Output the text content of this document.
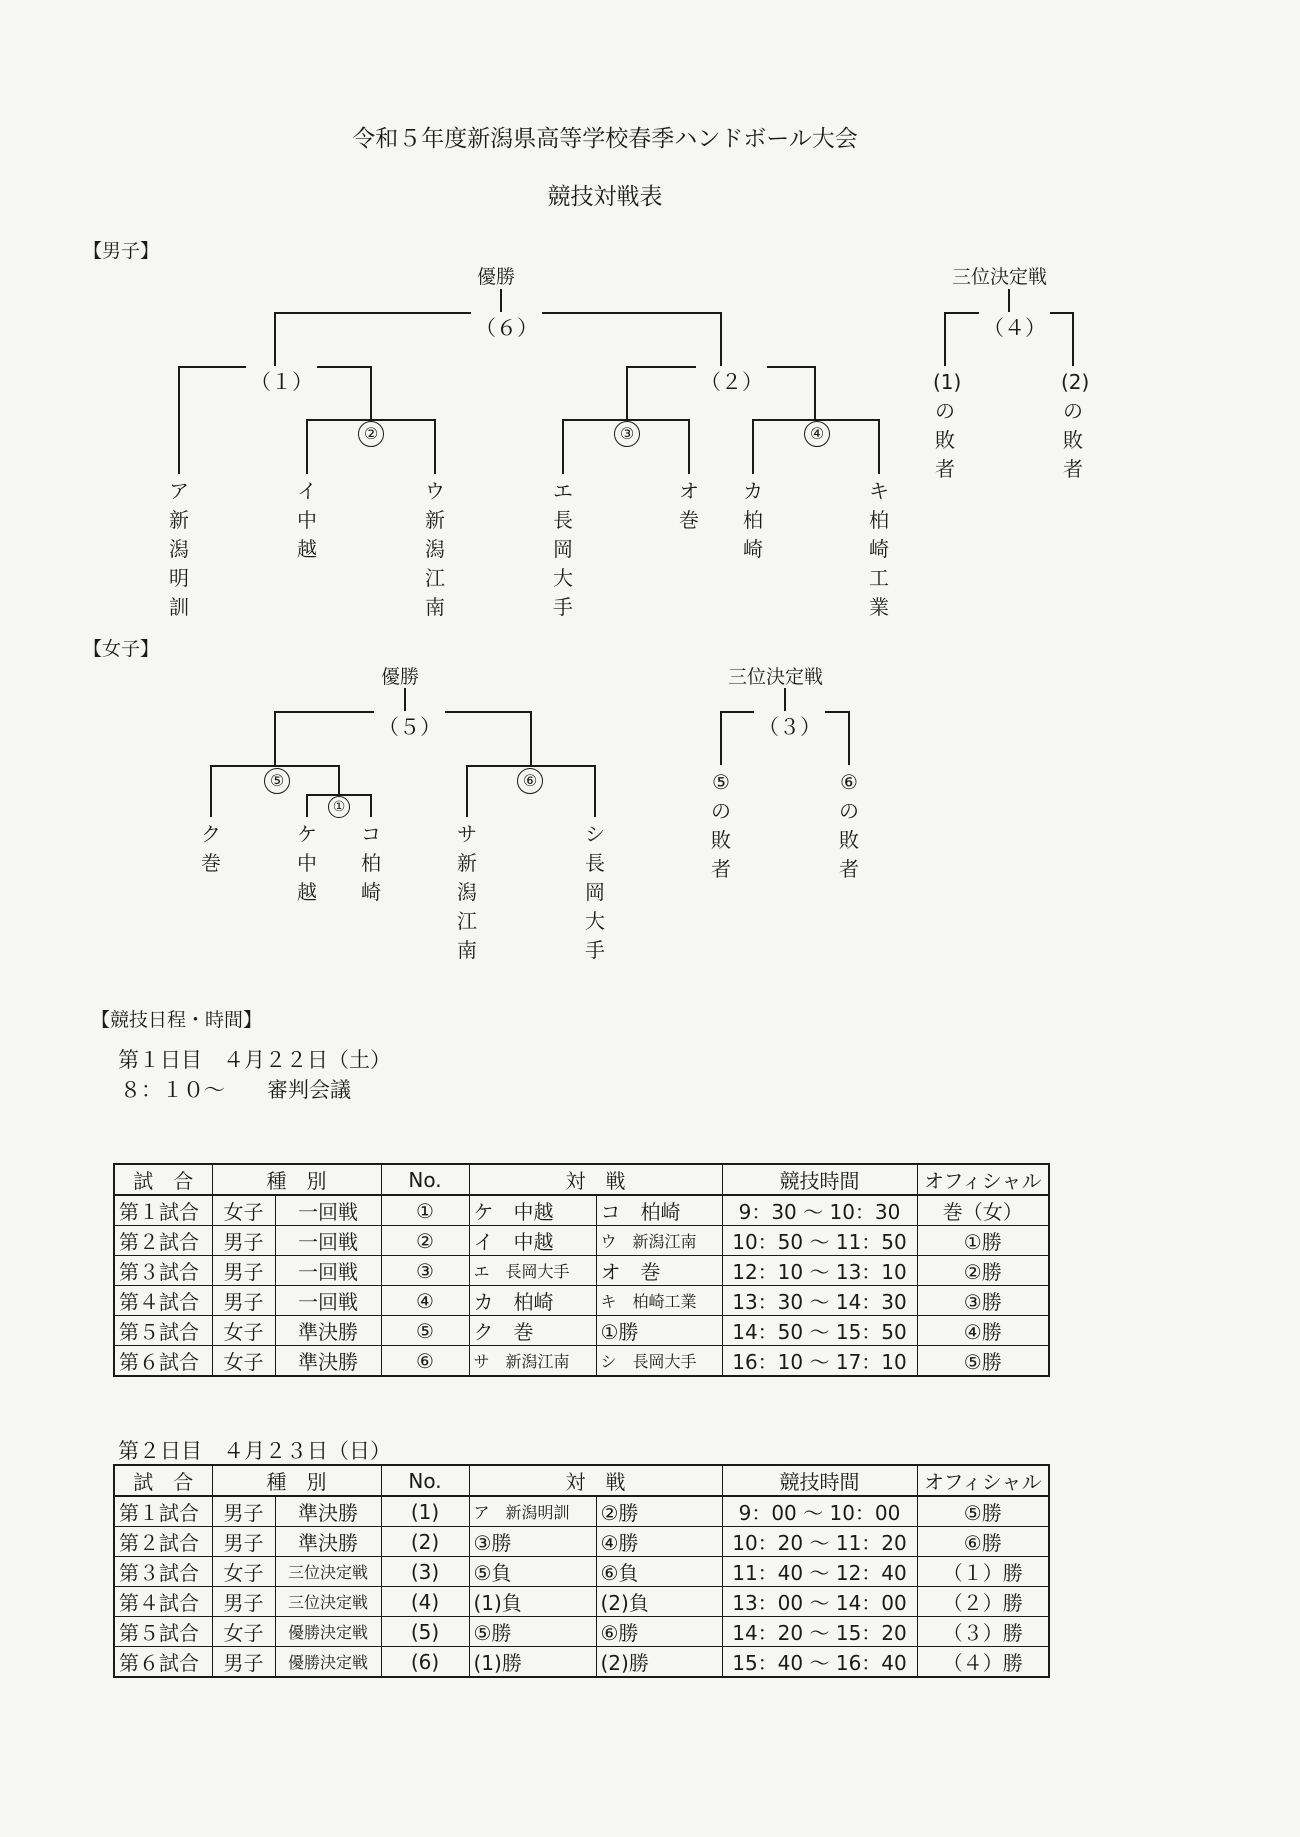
令和５年度新潟県高等学校春季ハンドボール大会
競技対戦表
【男子】
優勝	三位決定戦
（６）
（１）
②
（２）
③	④
（４）
ア
新潟明訓
イ
中越
ウ
新潟江南
エ
長岡大手
オ
巻
カ
柏崎
キ
柏崎工業
(1)の敗者
(2)の敗者
【女子】
優勝	三位決定戦
（５）
⑤
①
⑥
（３）
ク
巻
ケ
中越
コ
柏崎
サ
新潟江南
シ
長岡大手
⑤の敗者
⑥の敗者
【競技日程・時間】
第１日目　４月２２日（土）
８：１０～　　審判会議
試　合	種　別		No.	対　戦		競技時間	オフィシャル
第１試合	女子	一回戦	①	ケ　中越	コ　柏崎	9：30 ～ 10：30	巻（女）
第２試合	男子	一回戦	②	イ　中越	ウ　新潟江南	10：50 ～ 11：50	①勝
第３試合	男子	一回戦	③	エ　長岡大手	オ　巻	12：10 ～ 13：10	②勝
第４試合	男子	一回戦	④	カ　柏崎	キ　柏崎工業	13：30 ～ 14：30	③勝
第５試合	女子	準決勝	⑤	ク　巻	①勝	14：50 ～ 15：50	④勝
第６試合	女子	準決勝	⑥	サ　新潟江南	シ　長岡大手	16：10 ～ 17：10	⑤勝
第２日目　４月２３日（日）
試　合	種　別		No.	対　戦		競技時間	オフィシャル
第１試合	男子	準決勝	(1)	ア　新潟明訓	②勝	9：00 ～ 10：00	⑤勝
第２試合	男子	準決勝	(2)	③勝	④勝	10：20 ～ 11：20	⑥勝
第３試合	女子	三位決定戦	(3)	⑤負	⑥負	11：40 ～ 12：40	（１）勝
第４試合	男子	三位決定戦	(4)	(1)負	(2)負	13：00 ～ 14：00	（２）勝
第５試合	女子	優勝決定戦	(5)	⑤勝	⑥勝	14：20 ～ 15：20	（３）勝
第６試合	男子	優勝決定戦	(6)	(1)勝	(2)勝	15：40 ～ 16：40	（４）勝
